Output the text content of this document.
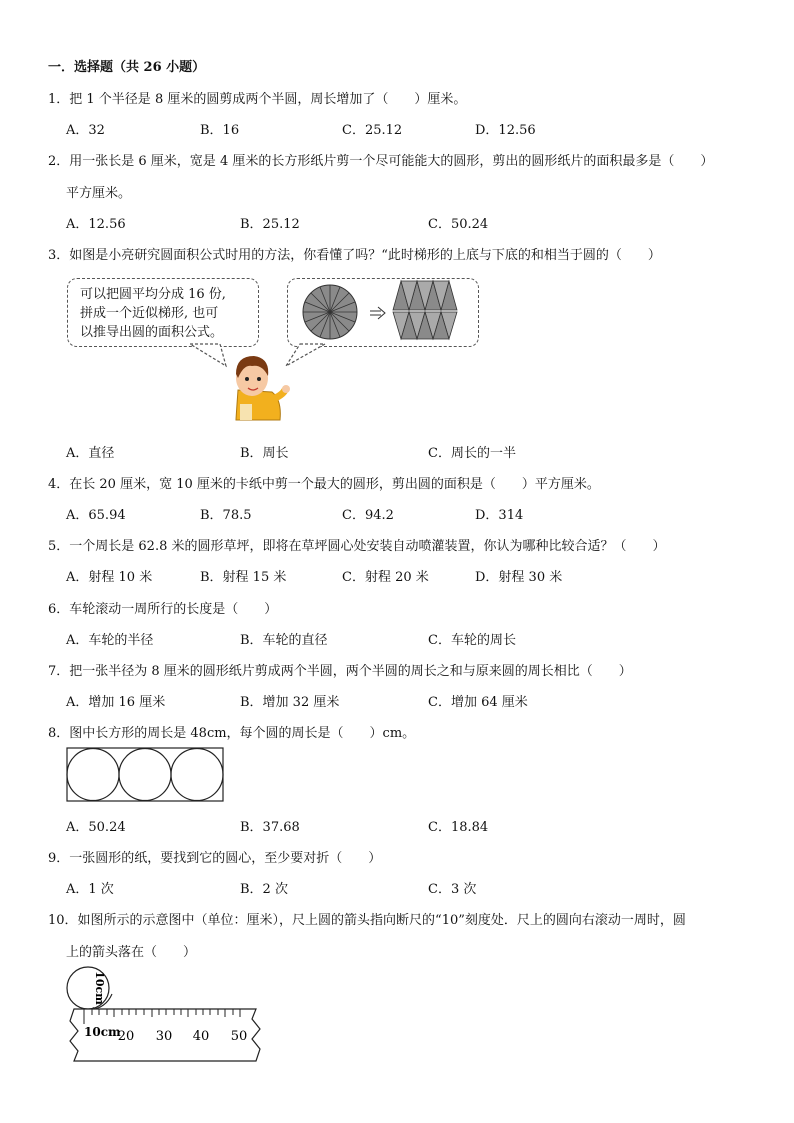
一．选择题（共 26 小题）
1．把 1 个半径是 8 厘米的圆剪成两个半圆，周长增加了（　　）厘米。
A．32	B．16	C．25.12	D．12.56
2．用一张长是 6 厘米，宽是 4 厘米的长方形纸片剪一个尽可能能大的圆形，剪出的圆形纸片的面积最多是（　　）
平方厘米。
A．12.56	B．25.12	C．50.24
3．如图是小亮研究圆面积公式时用的方法，你看懂了吗？“此时梯形的上底与下底的和相当于圆的（　　）
可以把圆平均分成 16 份,
拼成一个近似梯形, 也可
以推导出圆的面积公式。
A．直径	B．周长	C．周长的一半
4．在长 20 厘米，宽 10 厘米的卡纸中剪一个最大的圆形，剪出圆的面积是（　　）平方厘米。
A．65.94	B．78.5	C．94.2	D．314
5．一个周长是 62.8 米的圆形草坪，即将在草坪圆心处安装自动喷灌装置，你认为哪种比较合适？（　　）
A．射程 10 米	B．射程 15 米	C．射程 20 米	D．射程 30 米
6．车轮滚动一周所行的长度是（　　）
A．车轮的半径	B．车轮的直径	C．车轮的周长
7．把一张半径为 8 厘米的圆形纸片剪成两个半圆，两个半圆的周长之和与原来圆的周长相比（　　）
A．增加 16 厘米	B．增加 32 厘米	C．增加 64 厘米
8．图中长方形的周长是 48cm，每个圆的周长是（　　）cm。
A．50.24	B．37.68	C．18.84
9．一张圆形的纸，要找到它的圆心，至少要对折（　　）
A．1 次	B．2 次	C．3 次
10．如图所示的示意图中（单位：厘米），尺上圆的箭头指向断尺的“10”刻度处．尺上的圆向右滚动一周时，圆
上的箭头落在（　　）
10cm
10cm
20 30 40 50
